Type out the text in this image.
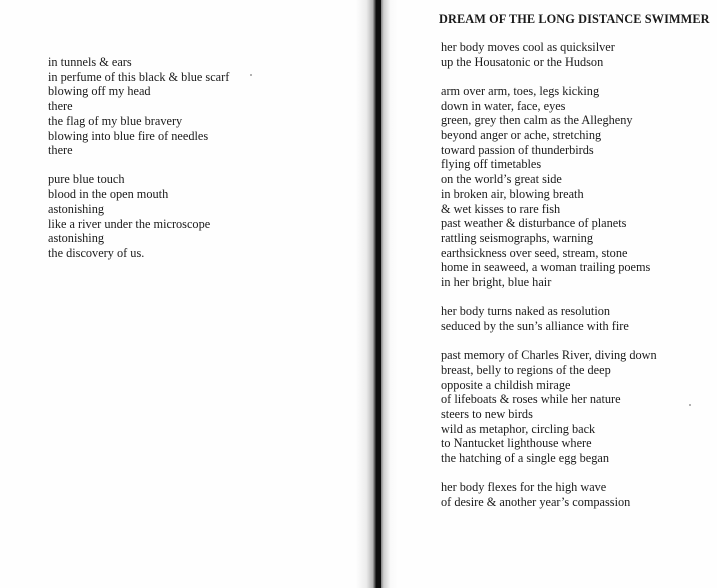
in tunnels & ears
in perfume of this black & blue scarf
blowing off my head
there
the flag of my blue bravery
blowing into blue fire of needles
there
pure blue touch
blood in the open mouth
astonishing
like a river under the microscope
astonishing
the discovery of us.
DREAM OF THE LONG DISTANCE SWIMMER
her body moves cool as quicksilver
up the Housatonic or the Hudson
arm over arm, toes, legs kicking
down in water, face, eyes
green, grey then calm as the Allegheny
beyond anger or ache, stretching
toward passion of thunderbirds
flying off timetables
on the world’s great side
in broken air, blowing breath
& wet kisses to rare fish
past weather & disturbance of planets
rattling seismographs, warning
earthsickness over seed, stream, stone
home in seaweed, a woman trailing poems
in her bright, blue hair
her body turns naked as resolution
seduced by the sun’s alliance with fire
past memory of Charles River, diving down
breast, belly to regions of the deep
opposite a childish mirage
of lifeboats & roses while her nature
steers to new birds
wild as metaphor, circling back
to Nantucket lighthouse where
the hatching of a single egg began
her body flexes for the high wave
of desire & another year’s compassion
